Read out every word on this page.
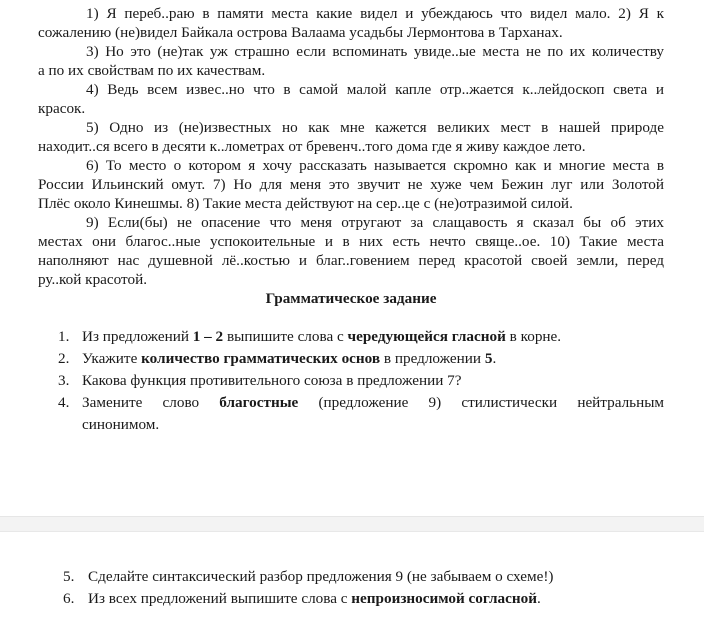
1) Я переб..раю в памяти места какие видел и убеждаюсь что видел мало. 2) Я к
сожалению (не)видел Байкала острова Валаама усадьбы Лермонтова в Тарханах.

3) Но это (не)так уж страшно если вспоминать увиде..ые места не по их количеству
а по их свойствам по их качествам.

4) Ведь всем извес..но что в самой малой капле отр..жается к..лейдоскоп света и
красок.

5) Одно из (не)известных но как мне кажется великих мест в нашей природе
находит..ся всего в десяти к..лометрах от бревенч..того дома где я живу каждое лето.

6) То место о котором я хочу рассказать называется скромно как и многие места в
России Ильинский омут. 7) Но для меня это звучит не хуже чем Бежин луг или Золотой
Плёс около Кинешмы. 8) Такие места действуют на сер..це с (не)отразимой силой.

9) Если(бы) не опасение что меня отругают за слащавость я сказал бы об этих
местах они благос..ные успокоительные и в них есть нечто свяще..ое. 10) Такие места
наполняют нас душевной лё..костью и благ..говением перед красотой своей земли, перед
ру..кой красотой.

Грамматическое задание
1. Из предложений 1 – 2 выпишите слова с чередующейся гласной в корне.
2. Укажите количество грамматических основ в предложении 5.
3. Какова функция противительного союза в предложении 7?
4. Замените слово благостные (предложение 9) стилистически нейтральным
синонимом.
5. Сделайте синтаксический разбор предложения 9 (не забываем о схеме!)
6. Из всех предложений выпишите слова с непроизносимой согласной.
